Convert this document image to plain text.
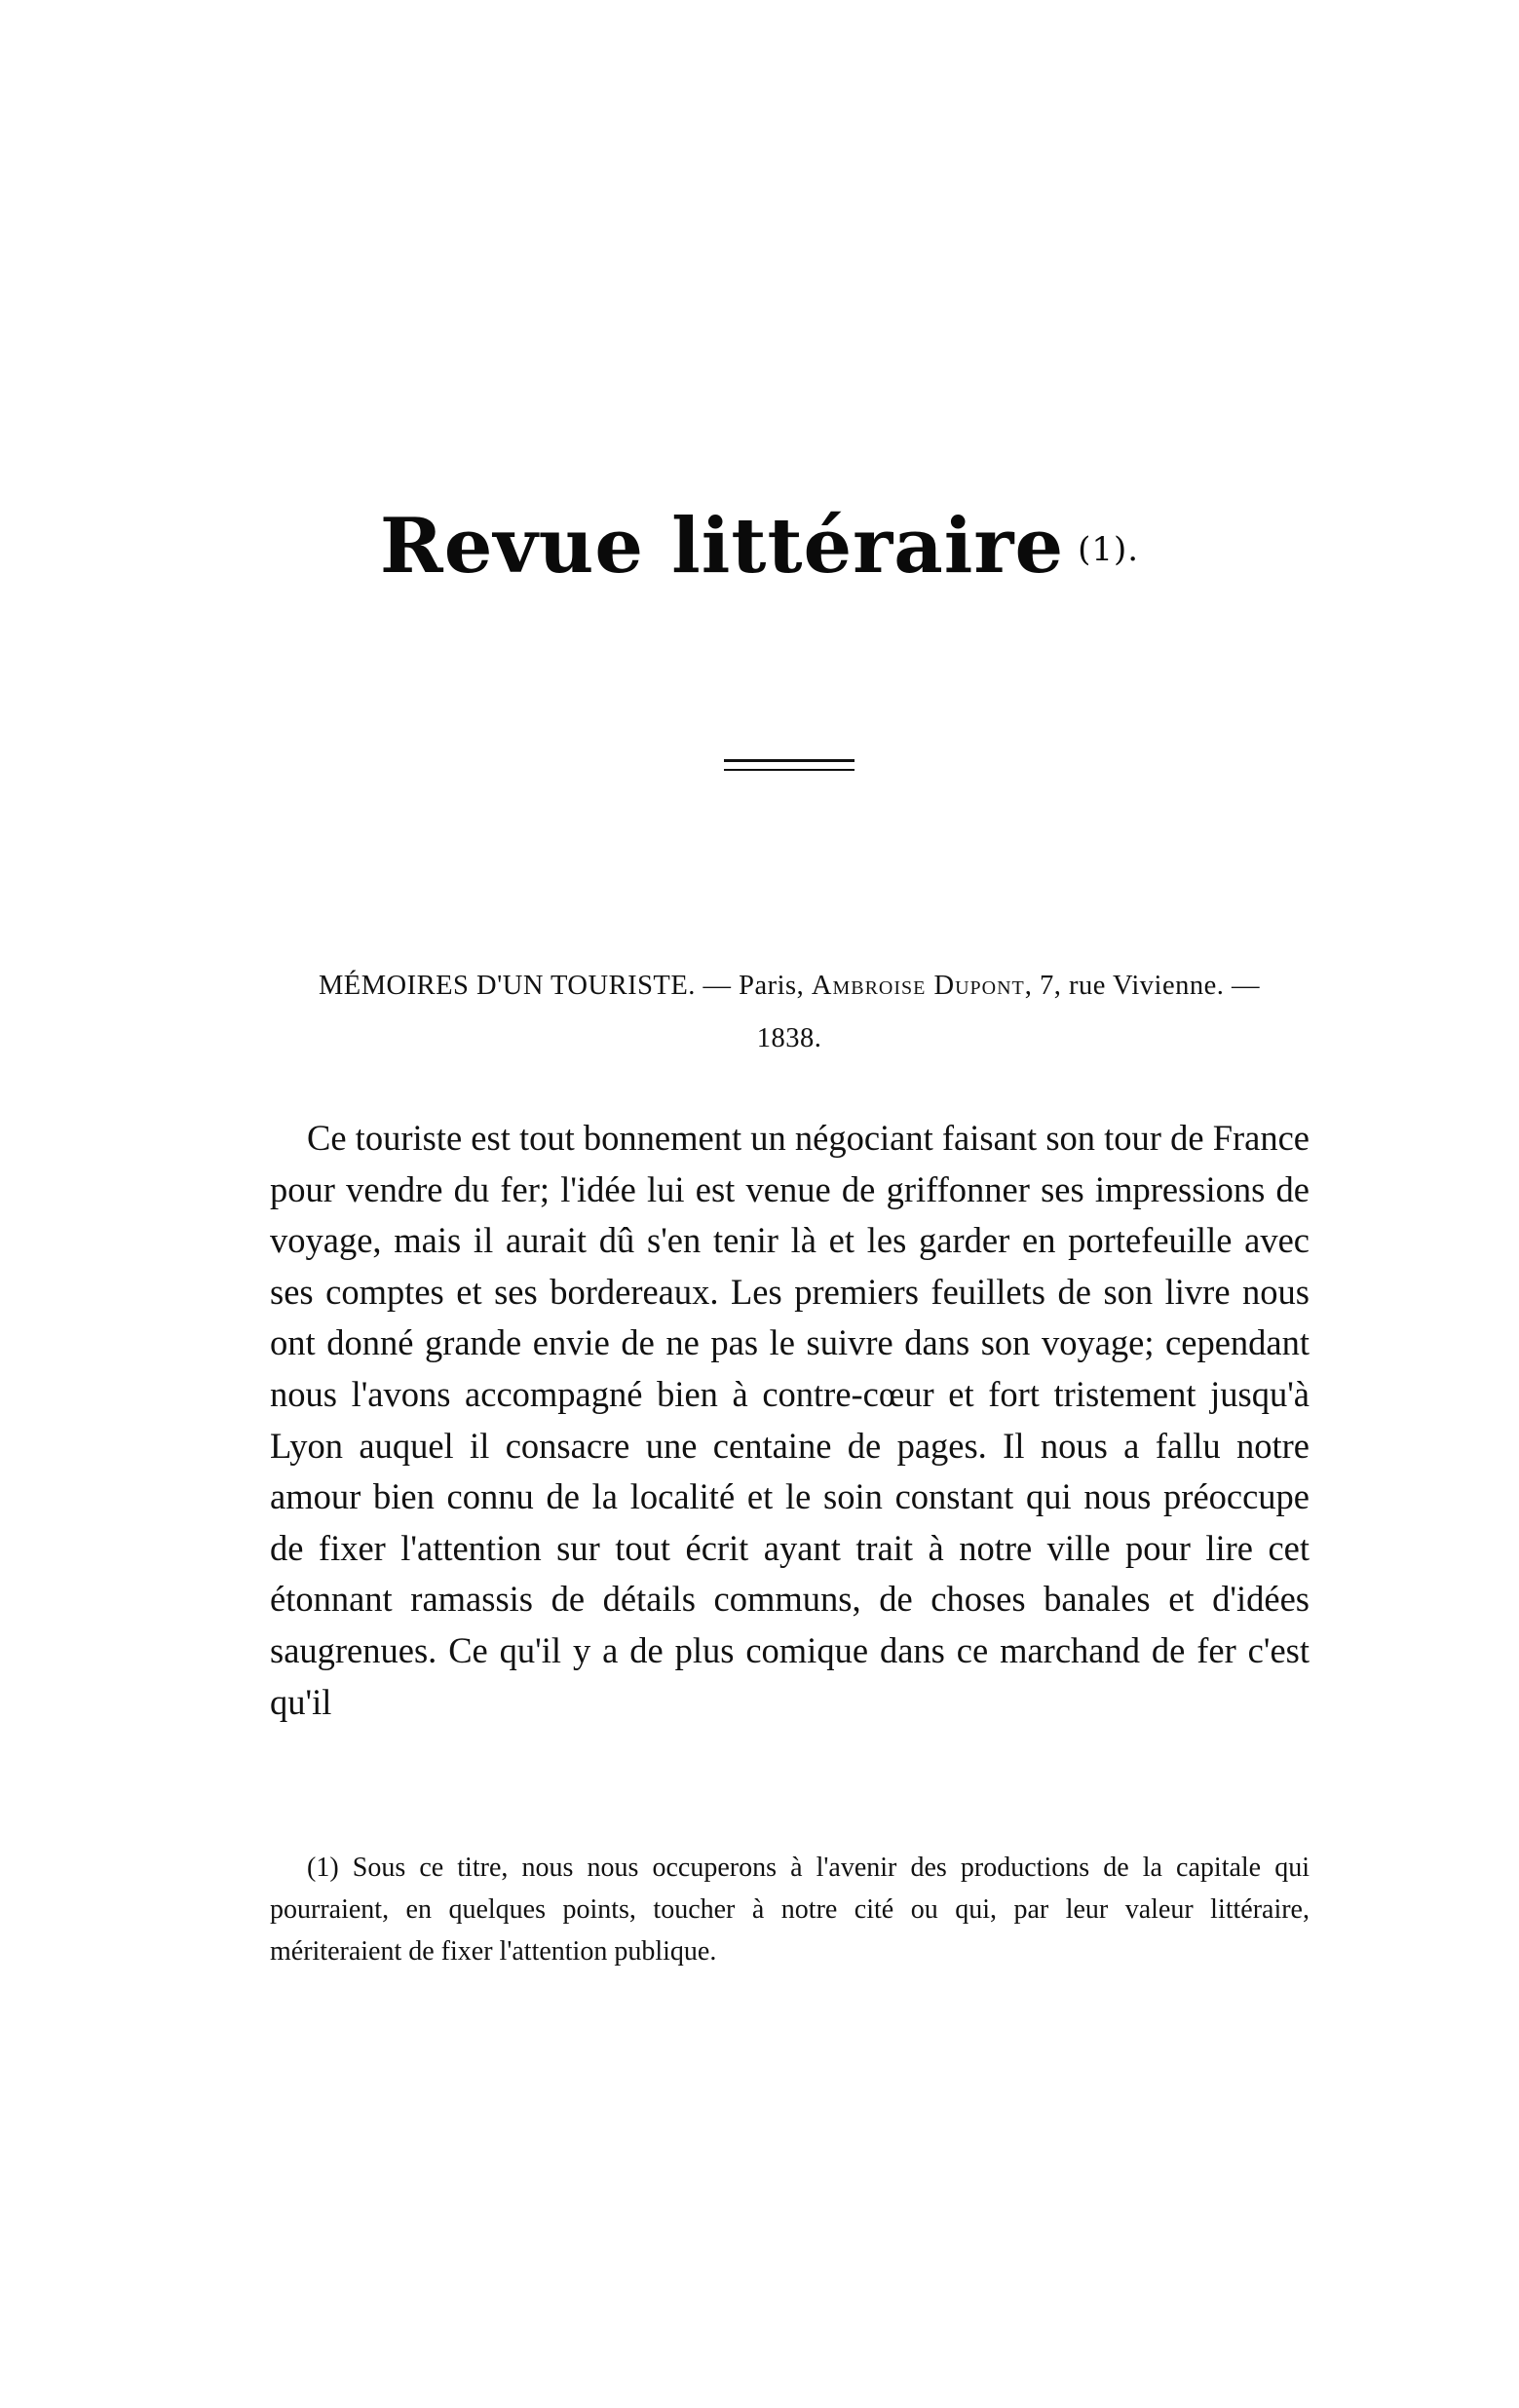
Revue littéraire (1).
MÉMOIRES D'UN TOURISTE. — Paris, Ambroise Dupont, 7, rue Vivienne. —
1838.

Ce touriste est tout bonnement un négociant faisant son tour de France pour vendre du fer; l'idée lui est venue de griffonner ses impressions de voyage, mais il aurait dû s'en tenir là et les garder en portefeuille avec ses comptes et ses bordereaux. Les premiers feuillets de son livre nous ont donné grande envie de ne pas le suivre dans son voyage; cependant nous l'avons accompagné bien à contre-cœur et fort tristement jusqu'à Lyon auquel il consacre une centaine de pages. Il nous a fallu notre amour bien connu de la localité et le soin constant qui nous préoccupe de fixer l'attention sur tout écrit ayant trait à notre ville pour lire cet étonnant ramassis de détails communs, de choses banales et d'idées saugrenues. Ce qu'il y a de plus comique dans ce marchand de fer c'est qu'il

(1) Sous ce titre, nous nous occuperons à l'avenir des productions de la capitale qui pourraient, en quelques points, toucher à notre cité ou qui, par leur valeur littéraire, mériteraient de fixer l'attention publique.
